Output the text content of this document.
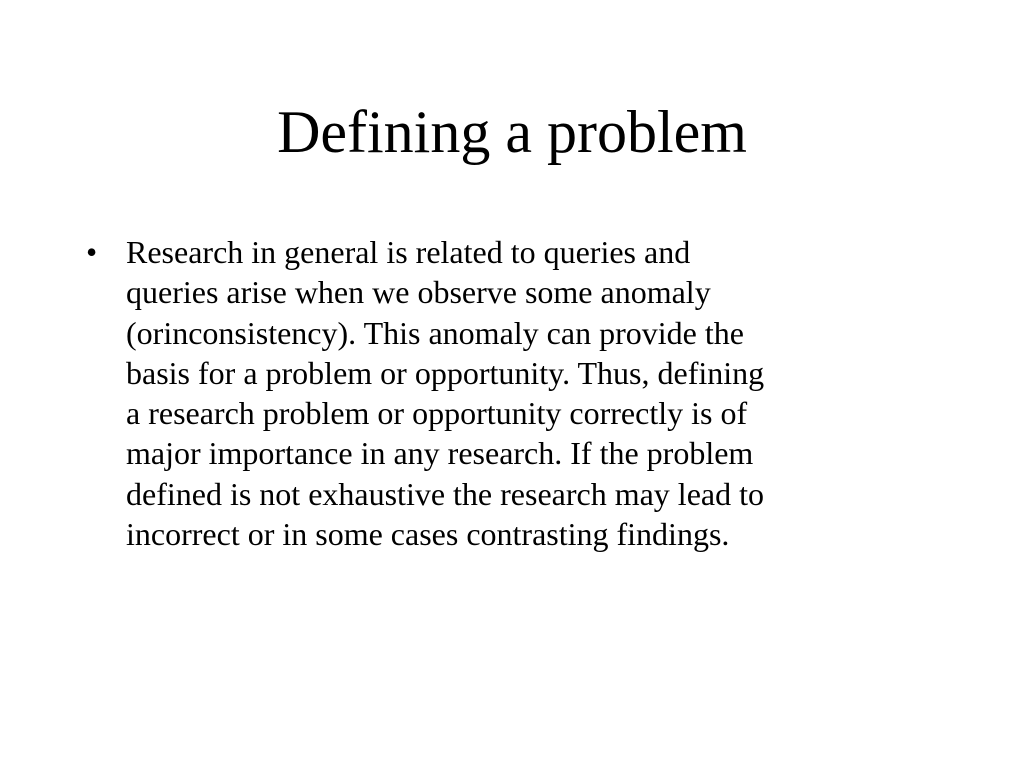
Defining a problem
• Research in general is related to queries and
queries arise when we observe some anomaly
(orinconsistency). This anomaly can provide the
basis for a problem or opportunity. Thus, defining
a research problem or opportunity correctly is of
major importance in any research. If the problem
defined is not exhaustive the research may lead to
incorrect or in some cases contrasting findings.
